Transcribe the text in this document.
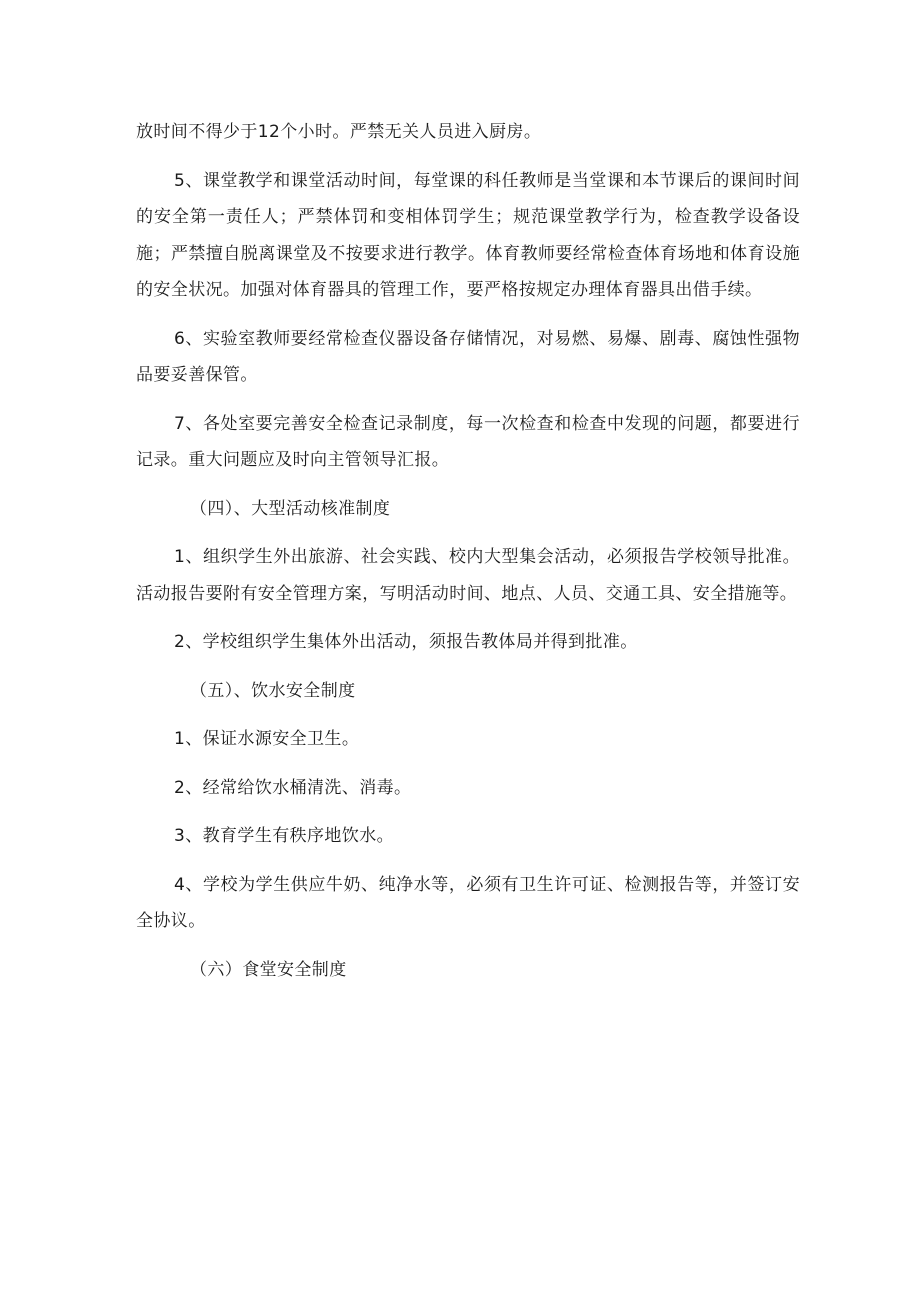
放时间不得少于12个小时。严禁无关人员进入厨房。

5、课堂教学和课堂活动时间，每堂课的科任教师是当堂课和本节课后的课间时间的安全第一责任人；严禁体罚和变相体罚学生；规范课堂教学行为，检查教学设备设施；严禁擅自脱离课堂及不按要求进行教学。体育教师要经常检查体育场地和体育设施的安全状况。加强对体育器具的管理工作，要严格按规定办理体育器具出借手续。

6、实验室教师要经常检查仪器设备存储情况，对易燃、易爆、剧毒、腐蚀性强物品要妥善保管。

7、各处室要完善安全检查记录制度，每一次检查和检查中发现的问题，都要进行记录。重大问题应及时向主管领导汇报。

（四）、大型活动核准制度

1、组织学生外出旅游、社会实践、校内大型集会活动，必须报告学校领导批准。活动报告要附有安全管理方案，写明活动时间、地点、人员、交通工具、安全措施等。

2、学校组织学生集体外出活动，须报告教体局并得到批准。

（五）、饮水安全制度

1、保证水源安全卫生。

2、经常给饮水桶清洗、消毒。

3、教育学生有秩序地饮水。

4、学校为学生供应牛奶、纯净水等，必须有卫生许可证、检测报告等，并签订安全协议。

（六）食堂安全制度
